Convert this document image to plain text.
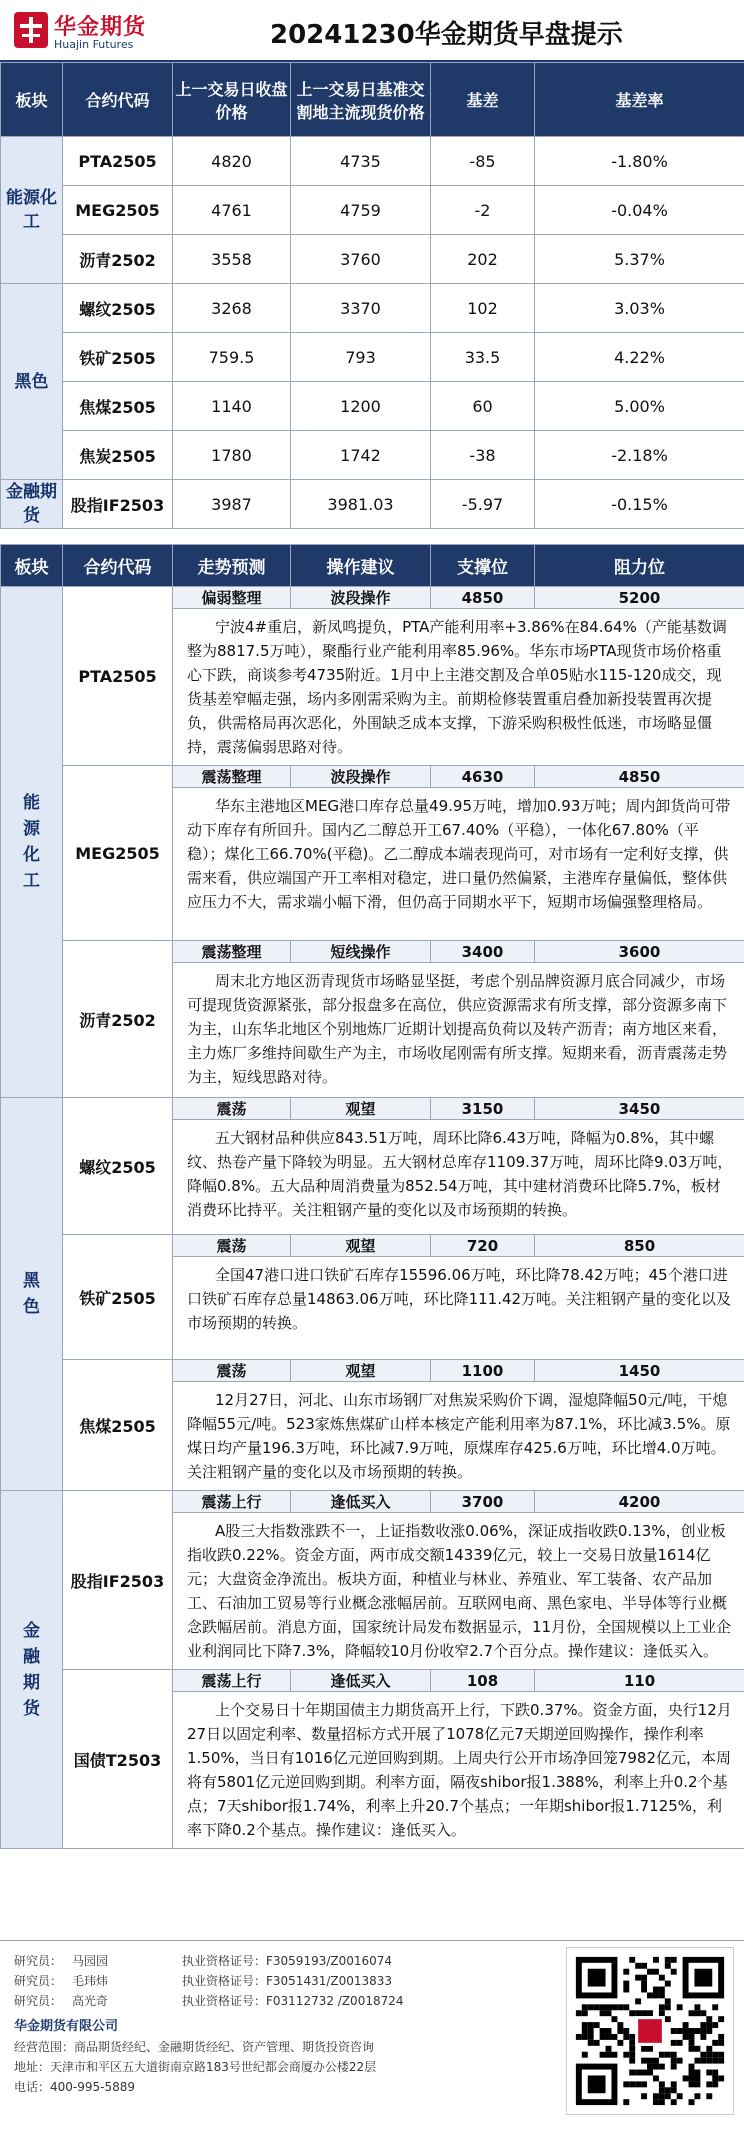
华金期货
Huajin Futures	20241230华金期货早盘提示
板块	合约代码	上一交易日收盘价格	上一交易日基准交割地主流现货价格	基差	基差率
能源化工	PTA2505	4820	4735	-85	-1.80%
	MEG2505	4761	4759	-2	-0.04%
	沥青2502	3558	3760	202	5.37%
黑色	螺纹2505	3268	3370	102	3.03%
	铁矿2505	759.5	793	33.5	4.22%
	焦煤2505	1140	1200	60	5.00%
	焦炭2505	1780	1742	-38	-2.18%
金融期货	股指IF2503	3987	3981.03	-5.97	-0.15%
板块	合约代码	走势预测	操作建议	支撑位	阻力位

能源化工	PTA2505	偏弱整理	波段操作	4850	5200

		宁波4#重启，新凤鸣提负，PTA产能利用率+3.86%在84.64%（产能基数调整为8817.5万吨），聚酯行业产能利用率85.96%。华东市场PTA现货市场价格重心下跌，商谈参考4735附近。1月中上主港交割及合单05贴水115-120成交，现货基差窄幅走强，场内多刚需采购为主。前期检修装置重启叠加新投装置再次提负，供需格局再次恶化，外围缺乏成本支撑，下游采购积极性低迷，市场略显僵持，震荡偏弱思路对待。			

	MEG2505	震荡整理	波段操作	4630	4850

		华东主港地区MEG港口库存总量49.95万吨，增加0.93万吨；周内卸货尚可带动下库存有所回升。国内乙二醇总开工67.40%（平稳），一体化67.80%（平稳）；煤化工66.70%(平稳)。乙二醇成本端表现尚可，对市场有一定利好支撑，供需来看，供应端国产开工率相对稳定，进口量仍然偏紧，主港库存量偏低，整体供应压力不大，需求端小幅下滑，但仍高于同期水平下，短期市场偏强整理格局。			

	沥青2502	震荡整理	短线操作	3400	3600

		周末北方地区沥青现货市场略显坚挺，考虑个别品牌资源月底合同减少，市场可提现货资源紧张，部分报盘多在高位，供应资源需求有所支撑，部分资源多南下为主，山东华北地区个别地炼厂近期计划提高负荷以及转产沥青；南方地区来看，主力炼厂多维持间歇生产为主，市场收尾刚需有所支撑。短期来看，沥青震荡走势为主，短线思路对待。			

黑色	螺纹2505	震荡	观望	3150	3450

		五大钢材品种供应843.51万吨，周环比降6.43万吨，降幅为0.8%，其中螺纹、热卷产量下降较为明显。五大钢材总库存1109.37万吨，周环比降9.03万吨，降幅0.8%。五大品种周消费量为852.54万吨，其中建材消费环比降5.7%，板材消费环比持平。关注粗钢产量的变化以及市场预期的转换。			

	铁矿2505	震荡	观望	720	850

		全国47港口进口铁矿石库存15596.06万吨，环比降78.42万吨；45个港口进口铁矿石库存总量14863.06万吨，环比降111.42万吨。关注粗钢产量的变化以及市场预期的转换。			

	焦煤2505	震荡	观望	1100	1450

		12月27日，河北、山东市场钢厂对焦炭采购价下调，湿熄降幅50元/吨，干熄降幅55元/吨。523家炼焦煤矿山样本核定产能利用率为87.1%，环比减3.5%。原煤日均产量196.3万吨，环比减7.9万吨，原煤库存425.6万吨，环比增4.0万吨。关注粗钢产量的变化以及市场预期的转换。			

金融期货	股指IF2503	震荡上行	逢低买入	3700	4200

		A股三大指数涨跌不一，上证指数收涨0.06%，深证成指收跌0.13%，创业板指收跌0.22%。资金方面，两市成交额14339亿元，较上一交易日放量1614亿元；大盘资金净流出。板块方面，种植业与林业、养殖业、军工装备、农产品加工、石油加工贸易等行业概念涨幅居前。互联网电商、黑色家电、半导体等行业概念跌幅居前。消息方面，国家统计局发布数据显示，11月份，全国规模以上工业企业利润同比下降7.3%，降幅较10月份收窄2.7个百分点。操作建议：逢低买入。			

	国债T2503	震荡上行	逢低买入	108	110

		上个交易日十年期国债主力期货高开上行，下跌0.37%。资金方面，央行12月27日以固定利率、数量招标方式开展了1078亿元7天期逆回购操作，操作利率1.50%，当日有1016亿元逆回购到期。上周央行公开市场净回笼7982亿元，本周将有5801亿元逆回购到期。利率方面，隔夜shibor报1.388%，利率上升0.2个基点；7天shibor报1.74%，利率上升20.7个基点；一年期shibor报1.7125%，利率下降0.2个基点。操作建议：逢低买入。			
研究员： 马园园	执业资格证号：F3059193/Z0016074
研究员： 毛玮炜	执业资格证号：F3051431/Z0013833
研究员： 高光奇	执业资格证号：F03112732 /Z0018724
华金期货有限公司
经营范围：商品期货经纪、金融期货经纪、资产管理、期货投资咨询
地址：天津市和平区五大道街南京路183号世纪都会商厦办公楼22层
电话：400-995-5889
